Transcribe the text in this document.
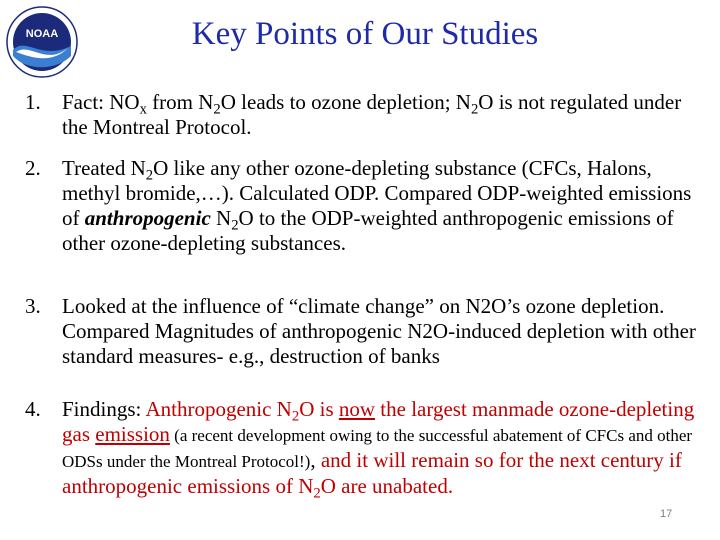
NOAA	Key Points of Our Studies
1. Fact: $NO_x$ from $N_2O$ leads to ozone depletion; $N_2O$ is not regulated under the Montreal Protocol.
2. Treated $N_2O$ like any other ozone-depleting substance (CFCs, Halons, methyl bromide,…). Calculated ODP. Compared ODP-weighted emissions of anthropogenic $N_2O$ to the ODP-weighted anthropogenic emissions of other ozone-depleting substances.
3. Looked at the influence of “climate change” on N2O’s ozone depletion. Compared Magnitudes of anthropogenic N2O-induced depletion with other standard measures- e.g., destruction of banks
4. Findings: Anthropogenic $N_2O$ is now the largest manmade ozone-depleting gas emission (a recent development owing to the successful abatement of CFCs and other ODSs under the Montreal Protocol!), and it will remain so for the next century if anthropogenic emissions of $N_2O$ are unabated.
17
